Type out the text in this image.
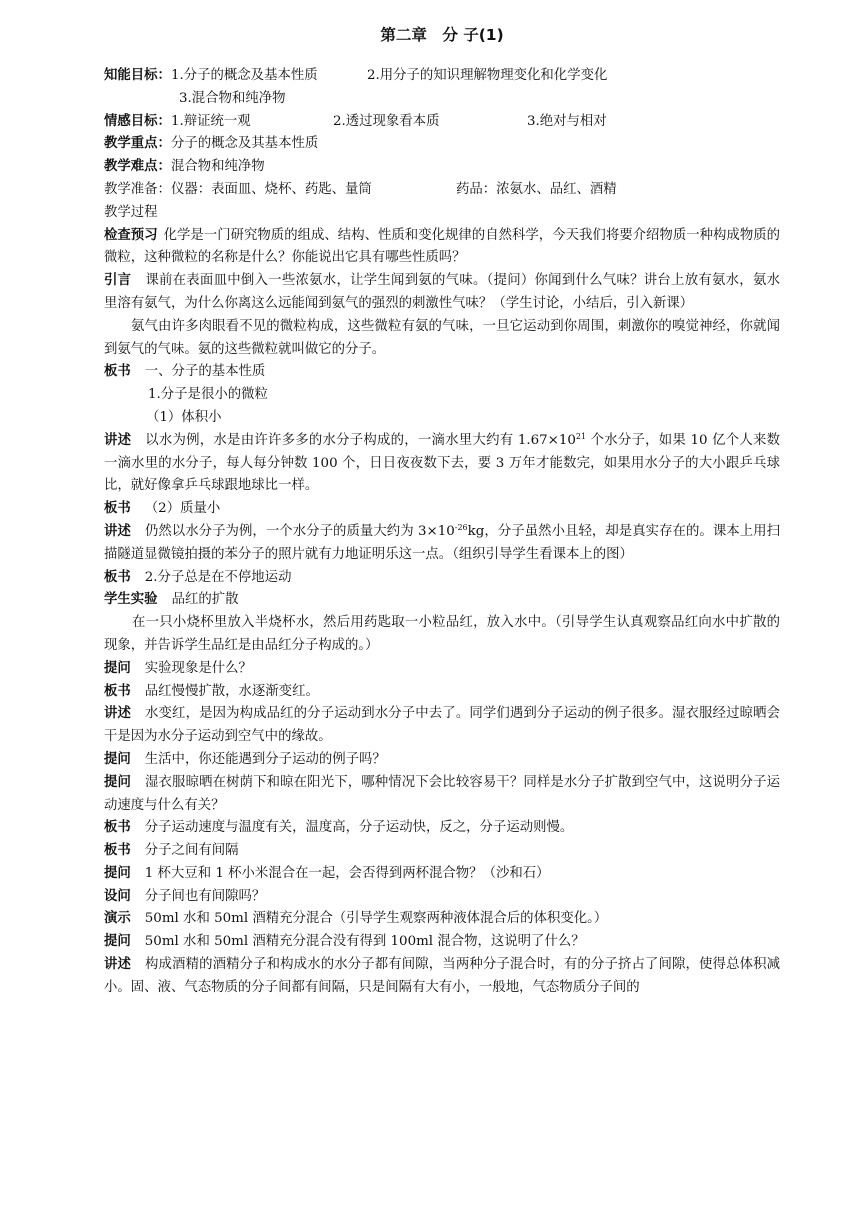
第二章　分 子(1)
知能目标：1.分子的概念及基本性质	2.用分子的知识理解物理变化和化学变化
3.混合物和纯净物
情感目标：1.辩证统一观	2.透过现象看本质	3.绝对与相对
教学重点：分子的概念及其基本性质
教学难点：混合物和纯净物
教学准备：仪器：表面皿、烧杯、药匙、量筒	药品：浓氨水、品红、酒精
教学过程
检查预习 化学是一门研究物质的组成、结构、性质和变化规律的自然科学，今天我们将要介绍物质一种构成物质的微粒，这种微粒的名称是什么？你能说出它具有哪些性质吗？
引言 课前在表面皿中倒入一些浓氨水，让学生闻到氨的气味。（提问）你闻到什么气味？讲台上放有氨水，氨水里溶有氨气，为什么你离这么远能闻到氨气的强烈的刺激性气味？（学生讨论，小结后，引入新课）
氨气由许多肉眼看不见的微粒构成，这些微粒有氨的气味，一旦它运动到你周围，刺激你的嗅觉神经，你就闻到氨气的气味。氨的这些微粒就叫做它的分子。
板书 一、分子的基本性质
1.分子是很小的微粒
（1）体积小
讲述 以水为例，水是由许许多多的水分子构成的，一滴水里大约有 $1.67\times 10^{21}$ 个水分子，如果 10 亿个人来数一滴水里的水分子，每人每分钟数 100 个，日日夜夜数下去，要 3 万年才能数完，如果用水分子的大小跟乒乓球比，就好像拿乒乓球跟地球比一样。
板书 （2）质量小
讲述 仍然以水分子为例，一个水分子的质量大约为 $3\times 10^{-26}kg$，分子虽然小且轻，却是真实存在的。课本上用扫描隧道显微镜拍摄的苯分子的照片就有力地证明乐这一点。（组织引导学生看课本上的图）
板书 2.分子总是在不停地运动
学生实验 品红的扩散
在一只小烧杯里放入半烧杯水，然后用药匙取一小粒品红，放入水中。（引导学生认真观察品红向水中扩散的现象，并告诉学生品红是由品红分子构成的。）
提问 实验现象是什么？
板书 品红慢慢扩散，水逐渐变红。
讲述 水变红，是因为构成品红的分子运动到水分子中去了。同学们遇到分子运动的例子很多。湿衣服经过晾晒会干是因为水分子运动到空气中的缘故。
提问 生活中，你还能遇到分子运动的例子吗？
提问 湿衣服晾晒在树荫下和晾在阳光下，哪种情况下会比较容易干？同样是水分子扩散到空气中，这说明分子运动速度与什么有关？
板书 分子运动速度与温度有关，温度高，分子运动快，反之，分子运动则慢。
板书 分子之间有间隔
提问 1 杯大豆和 1 杯小米混合在一起，会否得到两杯混合物？（沙和石）
设问 分子间也有间隙吗？
演示 50ml 水和 50ml 酒精充分混合（引导学生观察两种液体混合后的体积变化。）
提问 50ml 水和 50ml 酒精充分混合没有得到 100ml 混合物，这说明了什么？
讲述 构成酒精的酒精分子和构成水的水分子都有间隙，当两种分子混合时，有的分子挤占了间隙，使得总体积减小。固、液、气态物质的分子间都有间隔，只是间隔有大有小，一般地，气态物质分子间的
